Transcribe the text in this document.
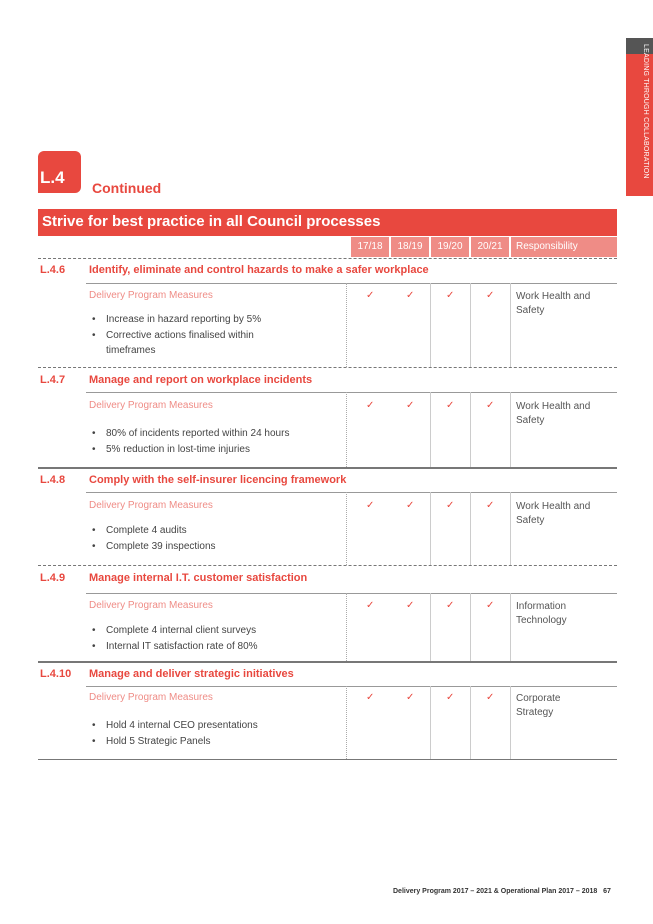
LEADING THROUGH COLLABORATION
L.4
Continued
Strive for best practice in all Council processes
17/18	18/19	19/20	20/21	Responsibility
L.4.6 Identify, eliminate and control hazards to make a safer workplace
Delivery Program Measures
• Increase in hazard reporting by 5%
• Corrective actions finalised within
timeframes
✓	✓	✓	✓ Work Health and
Safety
L.4.7 Manage and report on workplace incidents
Delivery Program Measures
• 80% of incidents reported within 24 hours
• 5% reduction in lost-time injuries
✓	✓	✓	✓ Work Health and
Safety
L.4.8 Comply with the self-insurer licencing framework
Delivery Program Measures
• Complete 4 audits
• Complete 39 inspections
✓	✓	✓	✓ Work Health and
Safety
L.4.9 Manage internal I.T. customer satisfaction
Delivery Program Measures
• Complete 4 internal client surveys
• Internal IT satisfaction rate of 80%
✓	✓	✓	✓ Information
Technology
L.4.10 Manage and deliver strategic initiatives
Delivery Program Measures
• Hold 4 internal CEO presentations
• Hold 5 Strategic Panels
✓	✓	✓	✓ Corporate
Strategy
Delivery Program 2017 – 2021 & Operational Plan 2017 – 2018 67
